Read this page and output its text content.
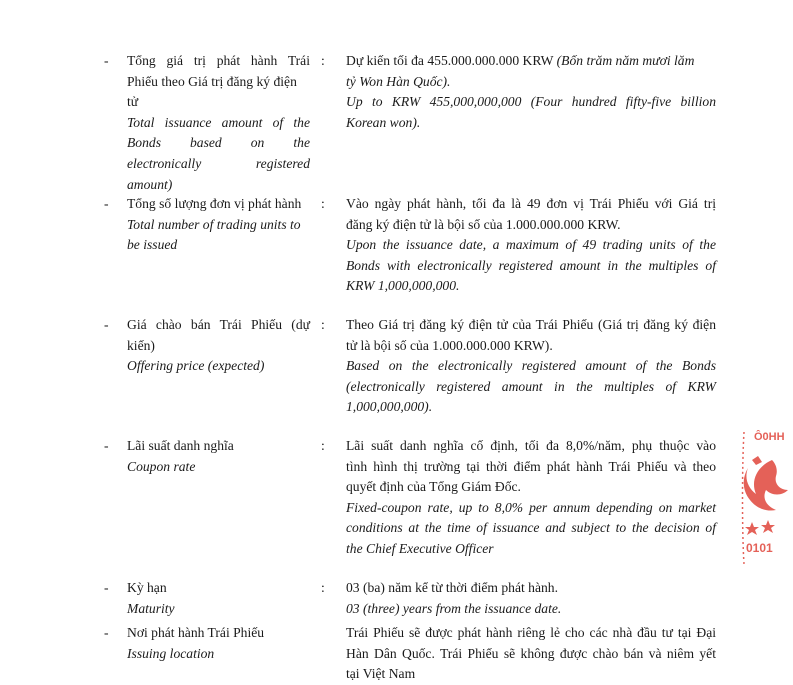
- Tổng giá trị phát hành Trái
Phiếu theo Giá trị đăng ký điện
tử
Total issuance amount of the
Bonds based on the
electronically registered
amount)
: Dự kiến tối đa 455.000.000.000 KRW (Bốn trăm năm mươi lăm
tỷ Won Hàn Quốc).
Up to KRW 455,000,000,000 (Four hundred fifty-five billion
Korean won).
- Tổng số lượng đơn vị phát hành
Total number of trading units to
be issued
: Vào ngày phát hành, tối đa là 49 đơn vị Trái Phiếu với Giá trị
đăng ký điện tử là bội số của 1.000.000.000 KRW.
Upon the issuance date, a maximum of 49 trading units of the
Bonds with electronically registered amount in the multiples of
KRW 1,000,000,000.
- Giá chào bán Trái Phiếu (dự
kiến)
Offering price (expected)
: Theo Giá trị đăng ký điện tử của Trái Phiếu (Giá trị đăng ký điện
tử là bội số của 1.000.000.000 KRW).
Based on the electronically registered amount of the Bonds
(electronically registered amount in the multiples of KRW
1,000,000,000).
- Lãi suất danh nghĩa
Coupon rate
: Lãi suất danh nghĩa cố định, tối đa 8,0%/năm, phụ thuộc vào
tình hình thị trường tại thời điểm phát hành Trái Phiếu và theo
quyết định của Tổng Giám Đốc.
Fixed-coupon rate, up to 8,0% per annum depending on market
conditions at the time of issuance and subject to the decision of
the Chief Executive Officer
- Kỳ hạn
Maturity
: 03 (ba) năm kể từ thời điểm phát hành.
03 (three) years from the issuance date.
- Nơi phát hành Trái Phiếu
Issuing location
Trái Phiếu sẽ được phát hành riêng lẻ cho các nhà đầu tư tại Đại
Hàn Dân Quốc. Trái Phiếu sẽ không được chào bán và niêm yết
tại Việt Nam
Ô0HH
0101
